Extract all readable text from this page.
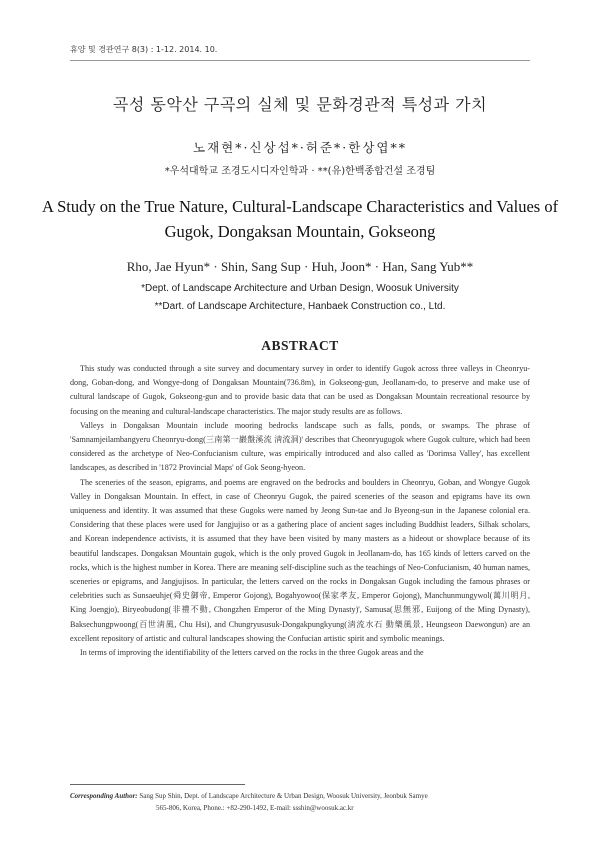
휴양 및 경관연구 8(3) : 1-12. 2014. 10.
곡성 동악산 구곡의 실체 및 문화경관적 특성과 가치
노재현*·신상섭*·허준*·한상엽**
*우석대학교 조경도시디자인학과 · **(유)한백종합건설 조경팀
A Study on the True Nature, Cultural-Landscape Characteristics and Values of Gugok, Dongaksan Mountain, Gokseong
Rho, Jae Hyun* · Shin, Sang Sup · Huh, Joon* · Han, Sang Yub**
*Dept. of Landscape Architecture and Urban Design, Woosuk University
**Dart. of Landscape Architecture, Hanbaek Construction co., Ltd.
ABSTRACT

This study was conducted through a site survey and documentary survey in order to identify Gugok across three valleys in Cheonryu-dong, Goban-dong, and Wongye-dong of Dongaksan Mountain(736.8m), in Gokseong-gun, Jeollanam-do, to preserve and make use of cultural landscape of Gugok, Gokseong-gun and to provide basic data that can be used as Dongaksan Mountain recreational resource by focusing on the meaning and cultural-landscape characteristics. The major study results are as follows.

Valleys in Dongaksan Mountain include mooring bedrocks landscape such as falls, ponds, or swamps. The phrase of 'Samnamjeilambangyeru Cheonryu-dong(三南第一巖盤溪流 淸流洞)' describes that Cheonryugugok where Gugok culture, which had been considered as the archetype of Neo-Confucianism culture, was empirically introduced and also called as 'Dorimsa Valley', has excellent landscapes, as described in '1872 Provincial Maps' of Gok Seong-hyeon.

The sceneries of the season, epigrams, and poems are engraved on the bedrocks and boulders in Cheonryu, Goban, and Wongye Gugok Valley in Dongaksan Mountain. In effect, in case of Cheonryu Gugok, the paired sceneries of the season and epigrams have its own uniqueness and identity. It was assumed that these Gugoks were named by Jeong Sun-tae and Jo Byeong-sun in the Japanese colonial era. Considering that these places were used for Jangjujiso or as a gathering place of ancient sages including Buddhist leaders, Silhak scholars, and Korean independence activists, it is assumed that they have been visited by many masters as a hideout or showplace because of its beautiful landscapes. Dongaksan Mountain gugok, which is the only proved Gugok in Jeollanam-do, has 165 kinds of letters carved on the rocks, which is the highest number in Korea. There are meaning self-discipline such as the teachings of Neo-Confucianism, 40 human names, sceneries or epigrams, and Jangjujisos. In particular, the letters carved on the rocks in Dongaksan Gugok including the famous phrases or celebrities such as Sunsaeuhje(舜史御帝, Emperor Gojong), Bogahyowoo(保家孝友, Emperor Gojong), Manchunmungywol(萬川明月, King Joengjo), Biryeobudong(非禮不動, Chongzhen Emperor of the Ming Dynasty)', Samusa(思無邪, Euijong of the Ming Dynasty), Baksechungpwoong(百世淸風, Chu Hsi), and Chungryususuk-Dongakpungkyung(淸流水石 動樂風景, Heungseon Daewongun) are an excellent repository of artistic and cultural landscapes showing the Confucian artistic spirit and symbolic meanings.

In terms of improving the identifiability of the letters carved on the rocks in the three Gugok areas and the

Corresponding Author: Sang Sup Shin, Dept. of Landscape Architecture & Urban Design, Woosuk University, Jeonbuk Samye
565-806, Korea, Phone.: +82-290-1492, E-mail: ssshin@woosuk.ac.kr
